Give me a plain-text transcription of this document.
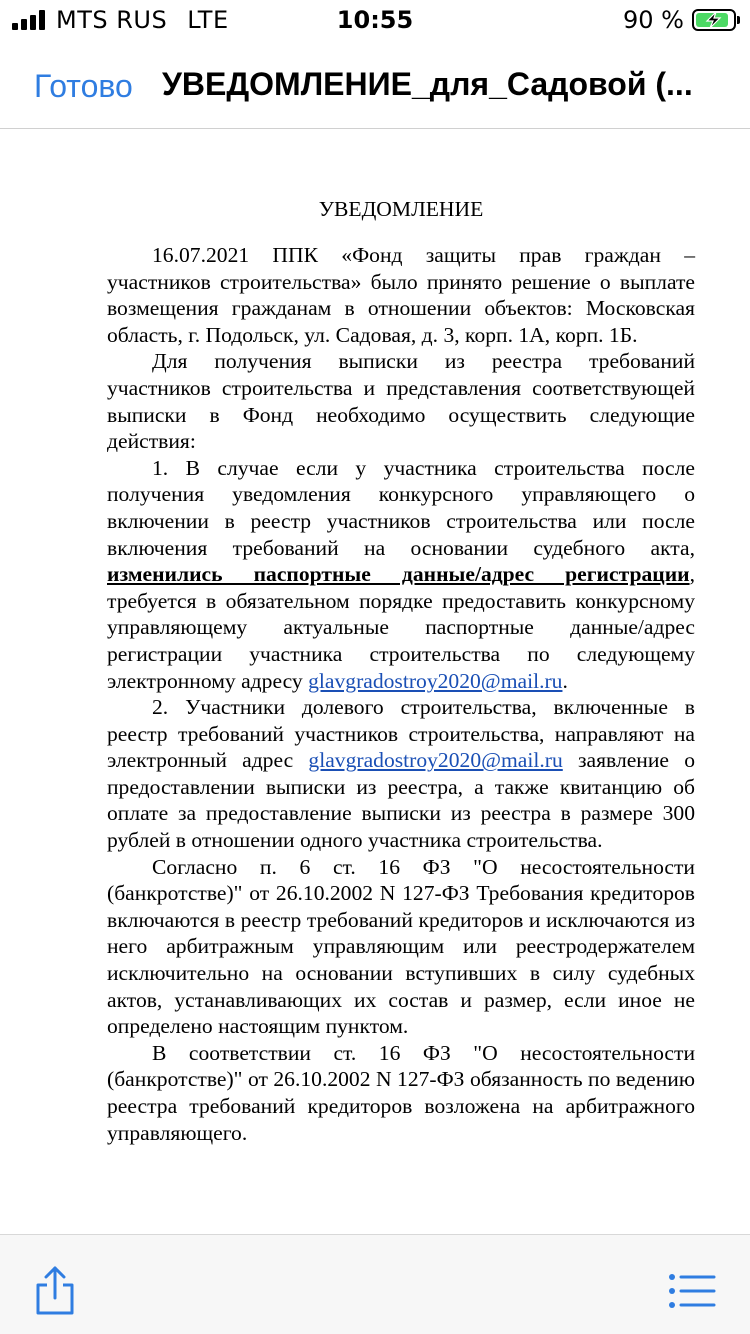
MTS RUS LTE	10:55	90 %
Готово УВЕДОМЛЕНИЕ_для_Садовой (...
УВЕДОМЛЕНИЕ

16.07.2021 ППК «Фонд защиты прав граждан – участников строительства» было принято решение о выплате возмещения гражданам в отношении объектов: Московская область, г. Подольск, ул. Садовая, д. 3, корп. 1А, корп. 1Б.

Для получения выписки из реестра требований участников строительства и представления соответствующей выписки в Фонд необходимо осуществить следующие действия:

1. В случае если у участника строительства после получения уведомления конкурсного управляющего о включении в реестр участников строительства или после включения требований на основании судебного акта, изменились паспортные данные/адрес регистрации, требуется в обязательном порядке предоставить конкурсному управляющему актуальные паспортные данные/адрес регистрации участника строительства по следующему электронному адресу glavgradostroy2020@mail.ru.

2. Участники долевого строительства, включенные в реестр требований участников строительства, направляют на электронный адрес glavgradostroy2020@mail.ru заявление о предоставлении выписки из реестра, а также квитанцию об оплате за предоставление выписки из реестра в размере 300 рублей в отношении одного участника строительства.

Согласно п. 6 ст. 16 ФЗ "О несостоятельности (банкротстве)" от 26.10.2002 N 127-ФЗ Требования кредиторов включаются в реестр требований кредиторов и исключаются из него арбитражным управляющим или реестродержателем исключительно на основании вступивших в силу судебных актов, устанавливающих их состав и размер, если иное не определено настоящим пунктом.

В соответствии ст. 16 ФЗ "О несостоятельности (банкротстве)" от 26.10.2002 N 127-ФЗ обязанность по ведению реестра требований кредиторов возложена на арбитражного управляющего.
